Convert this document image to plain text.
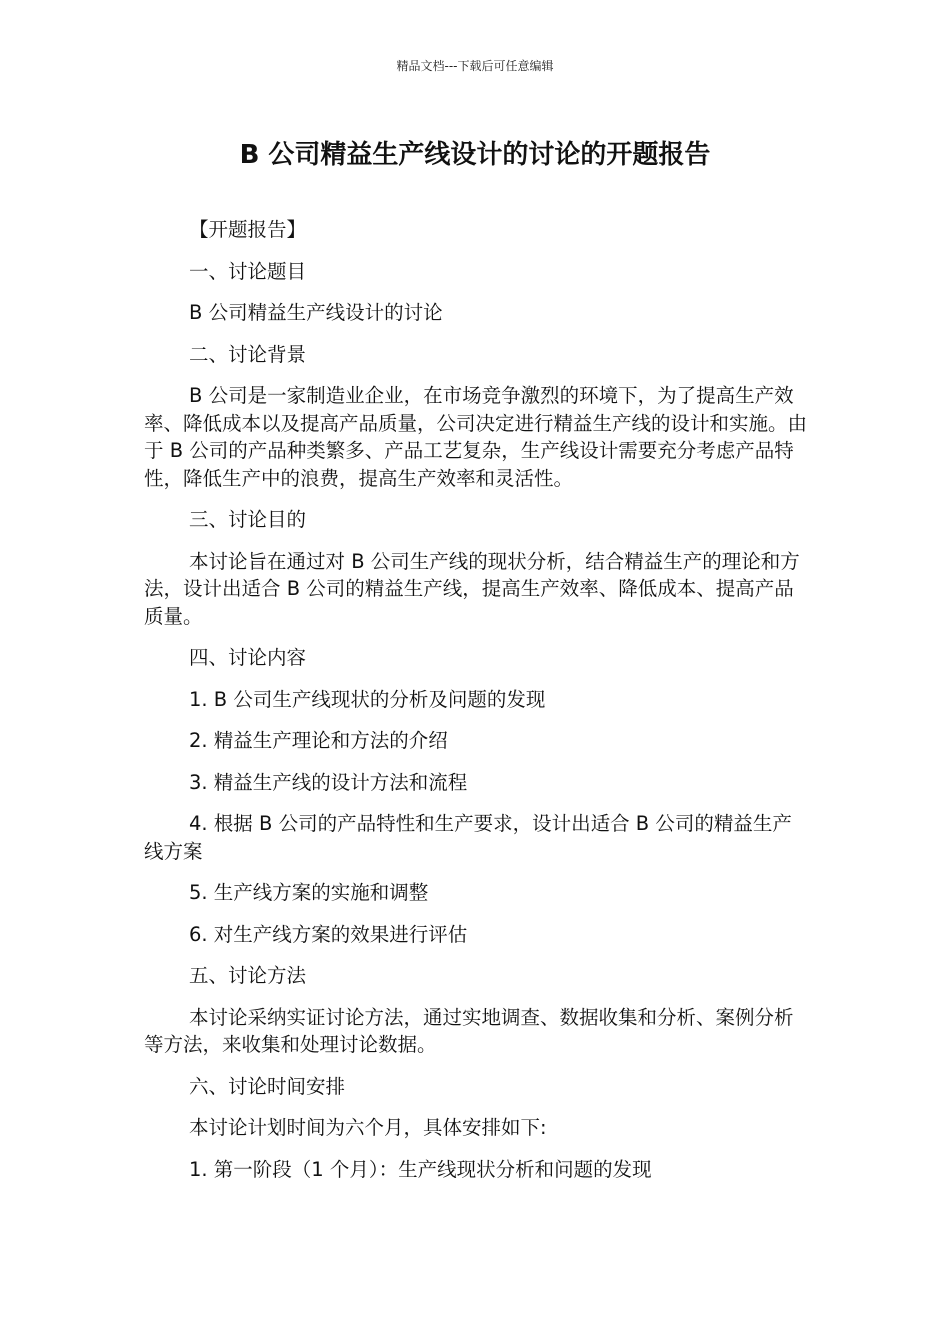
精品文档---下载后可任意编辑
B 公司精益生产线设计的讨论的开题报告

【开题报告】

一、讨论题目

B 公司精益生产线设计的讨论

二、讨论背景

B 公司是一家制造业企业，在市场竞争激烈的环境下，为了提高生产效率、降低成本以及提高产品质量，公司决定进行精益生产线的设计和实施。由于 B 公司的产品种类繁多、产品工艺复杂，生产线设计需要充分考虑产品特性，降低生产中的浪费，提高生产效率和灵活性。

三、讨论目的

本讨论旨在通过对 B 公司生产线的现状分析，结合精益生产的理论和方法，设计出适合 B 公司的精益生产线，提高生产效率、降低成本、提高产品质量。

四、讨论内容

1. B 公司生产线现状的分析及问题的发现

2. 精益生产理论和方法的介绍

3. 精益生产线的设计方法和流程

4. 根据 B 公司的产品特性和生产要求，设计出适合 B 公司的精益生产线方案

5. 生产线方案的实施和调整

6. 对生产线方案的效果进行评估

五、讨论方法

本讨论采纳实证讨论方法，通过实地调查、数据收集和分析、案例分析等方法，来收集和处理讨论数据。

六、讨论时间安排

本讨论计划时间为六个月，具体安排如下:

1. 第一阶段（1 个月）：生产线现状分析和问题的发现
